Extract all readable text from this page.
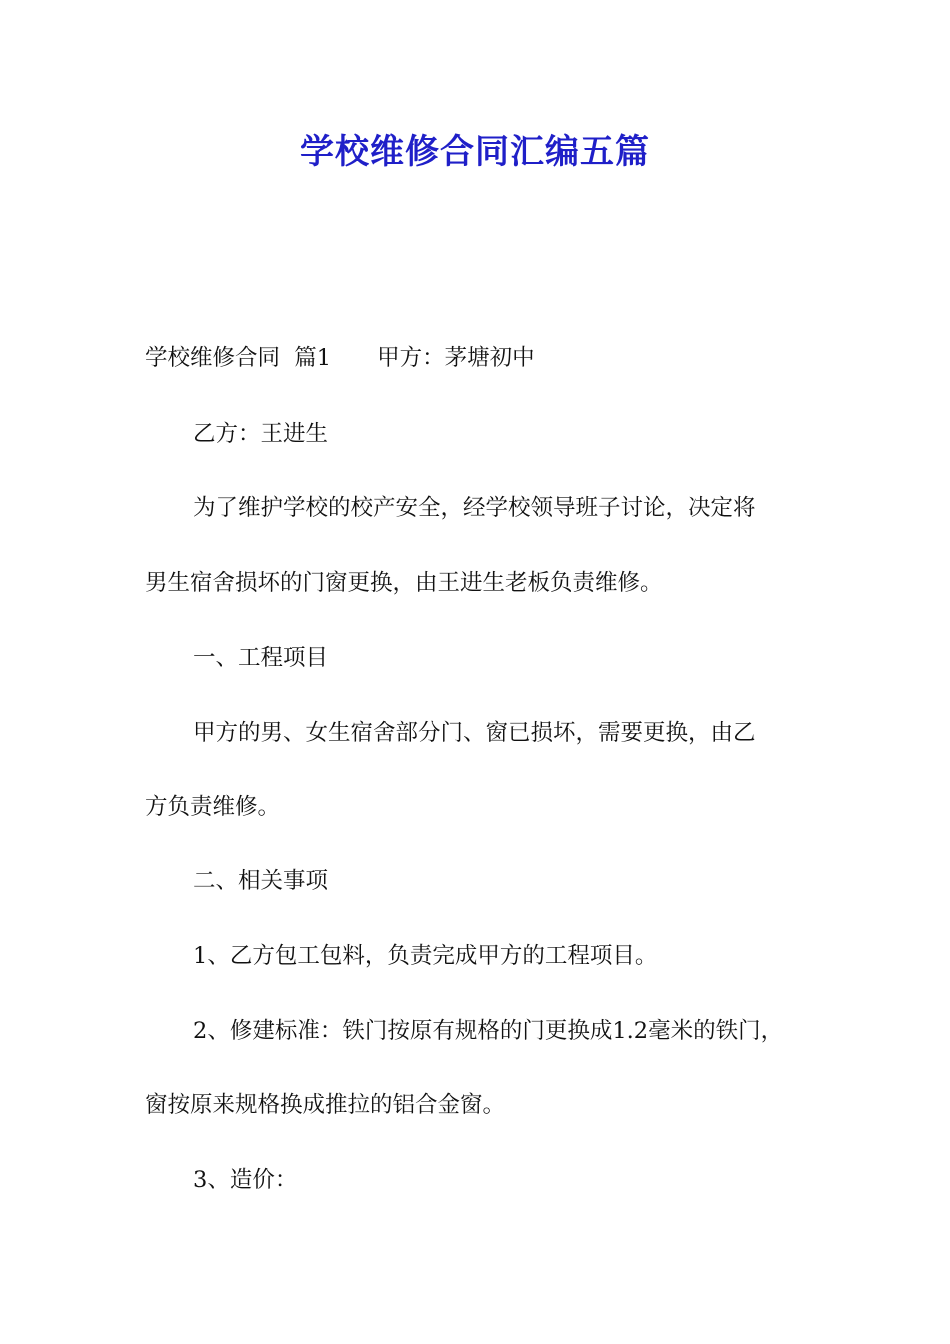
学校维修合同汇编五篇

学校维修合同  篇1 甲方：茅塘初中

乙方：王进生

为了维护学校的校产安全，经学校领导班子讨论，决定将

男生宿舍损坏的门窗更换，由王进生老板负责维修。

一、工程项目

甲方的男、女生宿舍部分门、窗已损坏，需要更换，由乙

方负责维修。

二、相关事项

1、乙方包工包料，负责完成甲方的工程项目。

2、修建标准：铁门按原有规格的门更换成1.2毫米的铁门，

窗按原来规格换成推拉的铝合金窗。

3、造价：
